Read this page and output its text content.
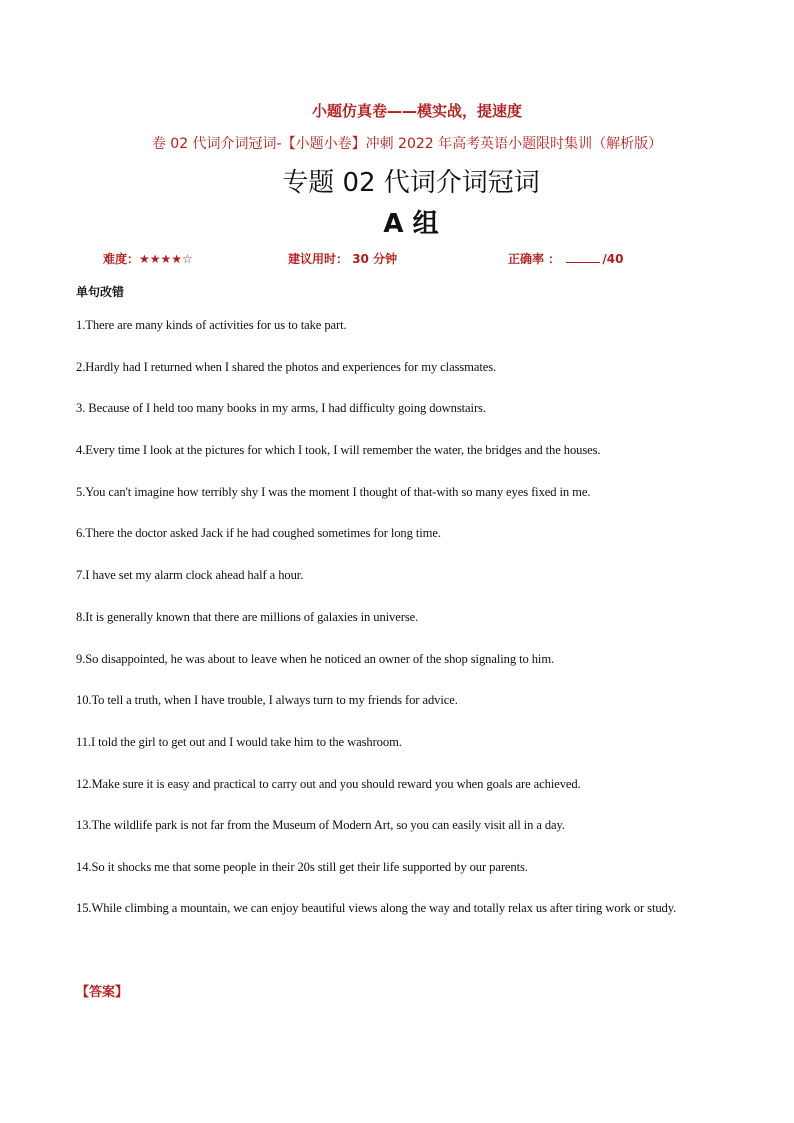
小题仿真卷——模实战，提速度
卷 02 代词介词冠词-【小题小卷】冲刺 2022 年高考英语小题限时集训（解析版）
专题 02 代词介词冠词
A 组
难度：★★★★☆	建议用时： 30 分钟	正确率 ：	/40
单句改错
1.There are many kinds of activities for us to take part.
2.Hardly had I returned when I shared the photos and experiences for my classmates.
3. Because of I held too many books in my arms, I had difficulty going downstairs.
4.Every time I look at the pictures for which I took, I will remember the water, the bridges and the houses.
5.You can't imagine how terribly shy I was the moment I thought of that-with so many eyes fixed in me.
6.There the doctor asked Jack if he had coughed sometimes for long time.
7.I have set my alarm clock ahead half a hour.
8.It is generally known that there are millions of galaxies in universe.
9.So disappointed, he was about to leave when he noticed an owner of the shop signaling to him.
10.To tell a truth, when I have trouble, I always turn to my friends for advice.
11.I told the girl to get out and I would take him to the washroom.
12.Make sure it is easy and practical to carry out and you should reward you when goals are achieved.
13.The wildlife park is not far from the Museum of Modern Art, so you can easily visit all in a day.
14.So it shocks me that some people in their 20s still get their life supported by our parents.
15.While climbing a mountain, we can enjoy beautiful views along the way and totally relax us after tiring work or study.
【答案】
